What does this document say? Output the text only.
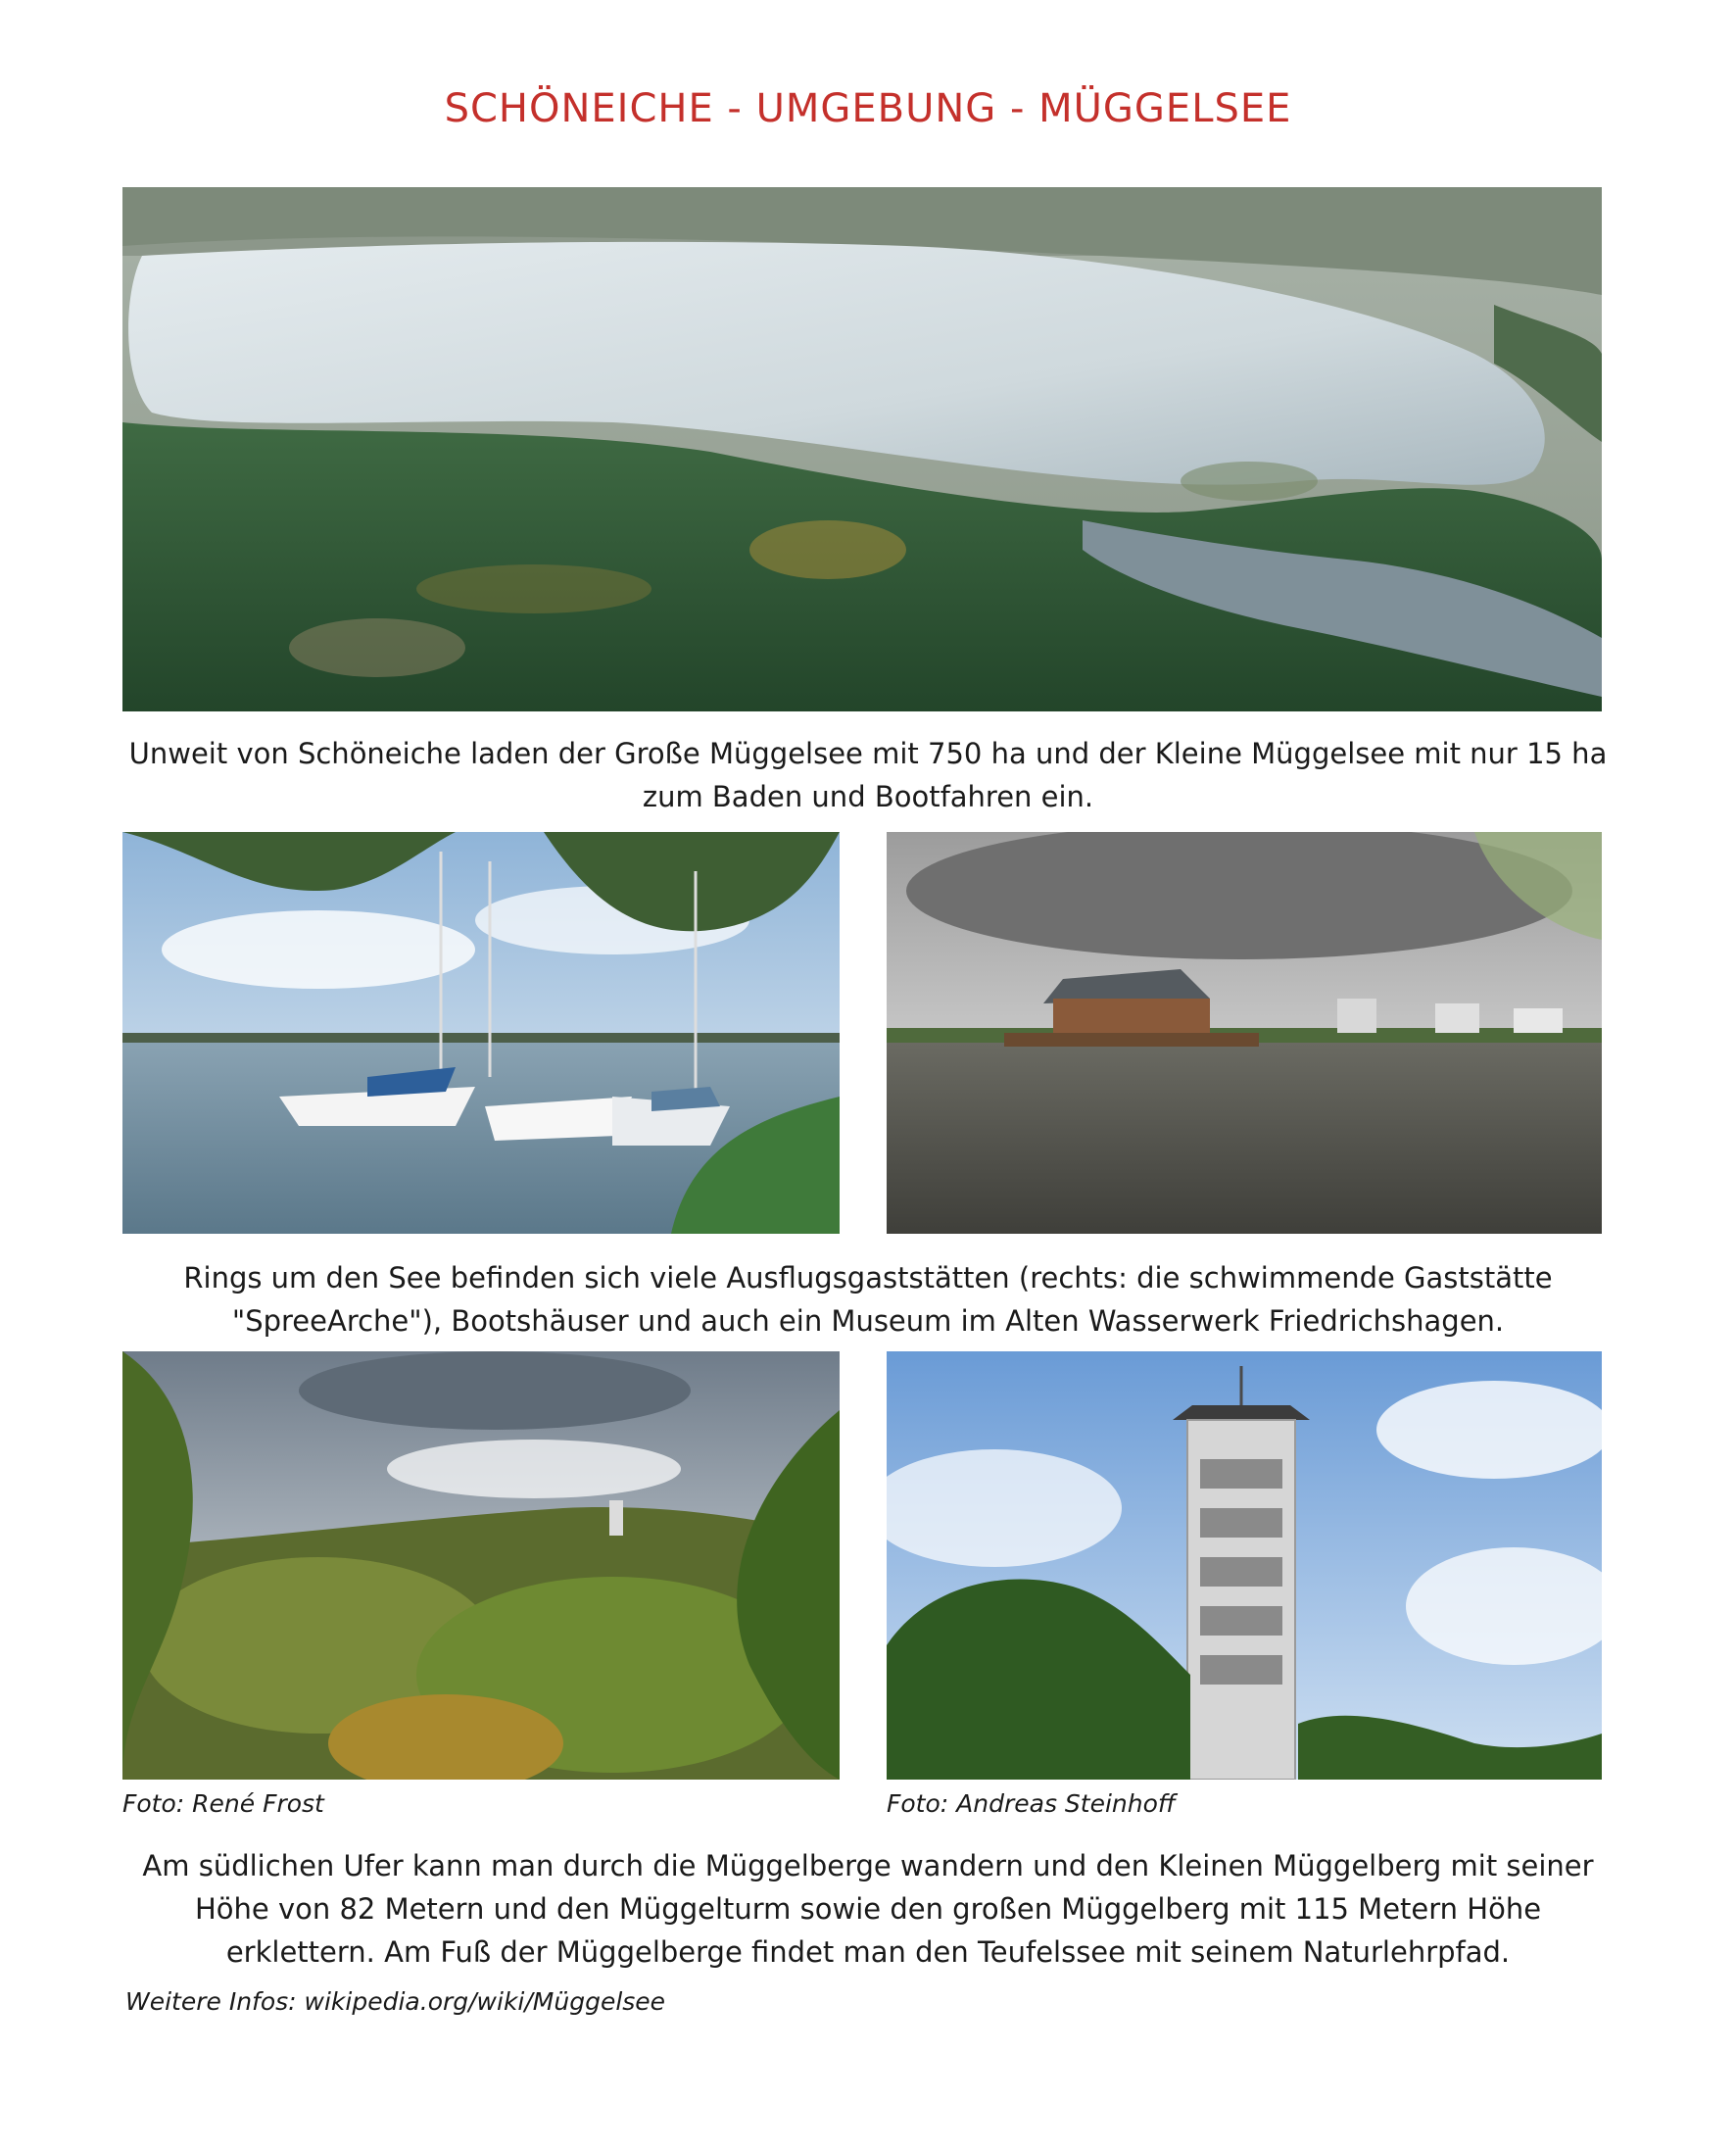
SCHÖNEICHE - UMGEBUNG - MÜGGELSEE
Unweit von Schöneiche laden der Große Müggelsee mit 750 ha und der Kleine Müggelsee mit nur 15 ha
zum Baden und Bootfahren ein.
Rings um den See befinden sich viele Ausflugsgaststätten (rechts: die schwimmende Gaststätte
"SpreeArche"), Bootshäuser und auch ein Museum im Alten Wasserwerk Friedrichshagen.
Foto: René Frost	Foto: Andreas Steinhoff
Am südlichen Ufer kann man durch die Müggelberge wandern und den Kleinen Müggelberg mit seiner
Höhe von 82 Metern und den Müggelturm sowie den großen Müggelberg mit 115 Metern Höhe
erklettern. Am Fuß der Müggelberge findet man den Teufelssee mit seinem Naturlehrpfad.
Weitere Infos: wikipedia.org/wiki/Müggelsee
